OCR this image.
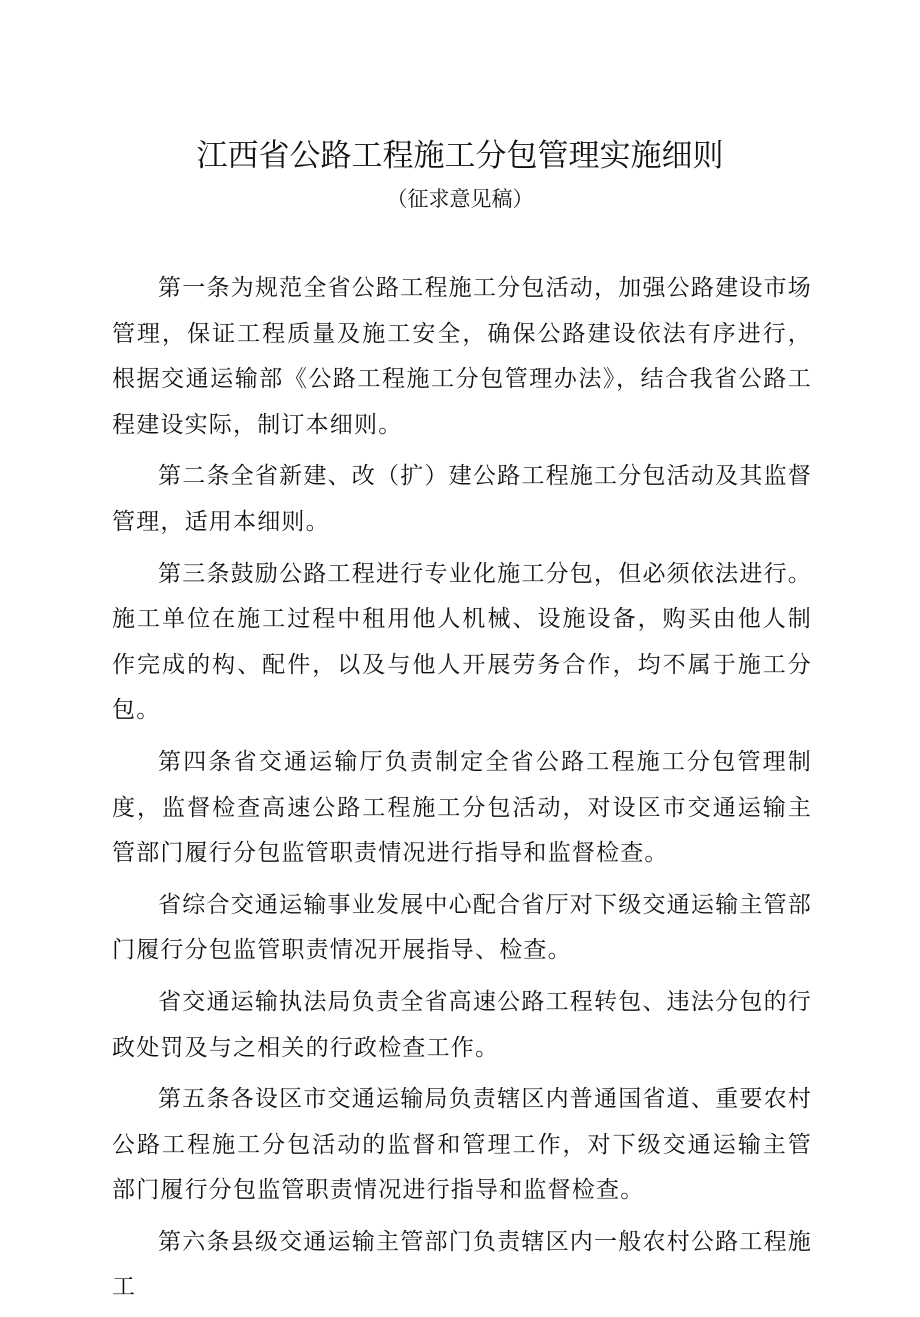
江西省公路工程施工分包管理实施细则
（征求意见稿）

第一条为规范全省公路工程施工分包活动，加强公路建设市场管理，保证工程质量及施工安全，确保公路建设依法有序进行，根据交通运输部《公路工程施工分包管理办法》，结合我省公路工程建设实际，制订本细则。

第二条全省新建、改（扩）建公路工程施工分包活动及其监督管理，适用本细则。

第三条鼓励公路工程进行专业化施工分包，但必须依法进行。施工单位在施工过程中租用他人机械、设施设备，购买由他人制作完成的构、配件，以及与他人开展劳务合作，均不属于施工分包。

第四条省交通运输厅负责制定全省公路工程施工分包管理制度，监督检查高速公路工程施工分包活动，对设区市交通运输主管部门履行分包监管职责情况进行指导和监督检查。

省综合交通运输事业发展中心配合省厅对下级交通运输主管部门履行分包监管职责情况开展指导、检查。

省交通运输执法局负责全省高速公路工程转包、违法分包的行政处罚及与之相关的行政检查工作。

第五条各设区市交通运输局负责辖区内普通国省道、重要农村公路工程施工分包活动的监督和管理工作，对下级交通运输主管部门履行分包监管职责情况进行指导和监督检查。

第六条县级交通运输主管部门负责辖区内一般农村公路工程施工
